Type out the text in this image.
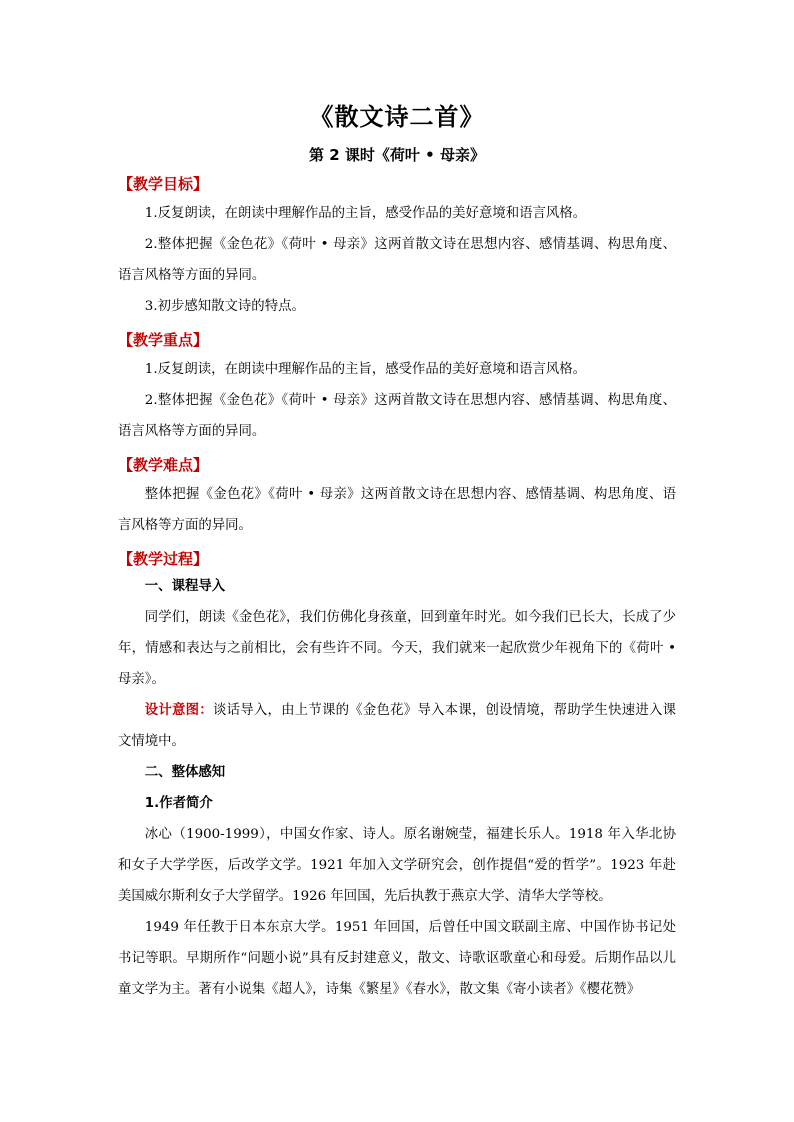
《散文诗二首》
第 2 课时《荷叶 • 母亲》
【教学目标】

1.反复朗读，在朗读中理解作品的主旨，感受作品的美好意境和语言风格。

2.整体把握《金色花》《荷叶 • 母亲》这两首散文诗在思想内容、感情基调、构思角度、语言风格等方面的异同。

3.初步感知散文诗的特点。

【教学重点】

1.反复朗读，在朗读中理解作品的主旨，感受作品的美好意境和语言风格。

2.整体把握《金色花》《荷叶 • 母亲》这两首散文诗在思想内容、感情基调、构思角度、语言风格等方面的异同。

【教学难点】

整体把握《金色花》《荷叶 • 母亲》这两首散文诗在思想内容、感情基调、构思角度、语言风格等方面的异同。

【教学过程】
一、课程导入

同学们，朗读《金色花》，我们仿佛化身孩童，回到童年时光。如今我们已长大，长成了少年，情感和表达与之前相比，会有些许不同。今天，我们就来一起欣赏少年视角下的《荷叶 • 母亲》。

设计意图：谈话导入，由上节课的《金色花》导入本课，创设情境，帮助学生快速进入课文情境中。

二、整体感知
1.作者简介

冰心（1900-1999），中国女作家、诗人。原名谢婉莹，福建长乐人。1918 年入华北协和女子大学学医，后改学文学。1921 年加入文学研究会，创作提倡“爱的哲学”。1923 年赴美国威尔斯利女子大学留学。1926 年回国，先后执教于燕京大学、清华大学等校。

1949 年任教于日本东京大学。1951 年回国，后曾任中国文联副主席、中国作协书记处书记等职。早期所作“问题小说”具有反封建意义，散文、诗歌讴歌童心和母爱。后期作品以儿童文学为主。著有小说集《超人》，诗集《繁星》《春水》，散文集《寄小读者》《樱花赞》
